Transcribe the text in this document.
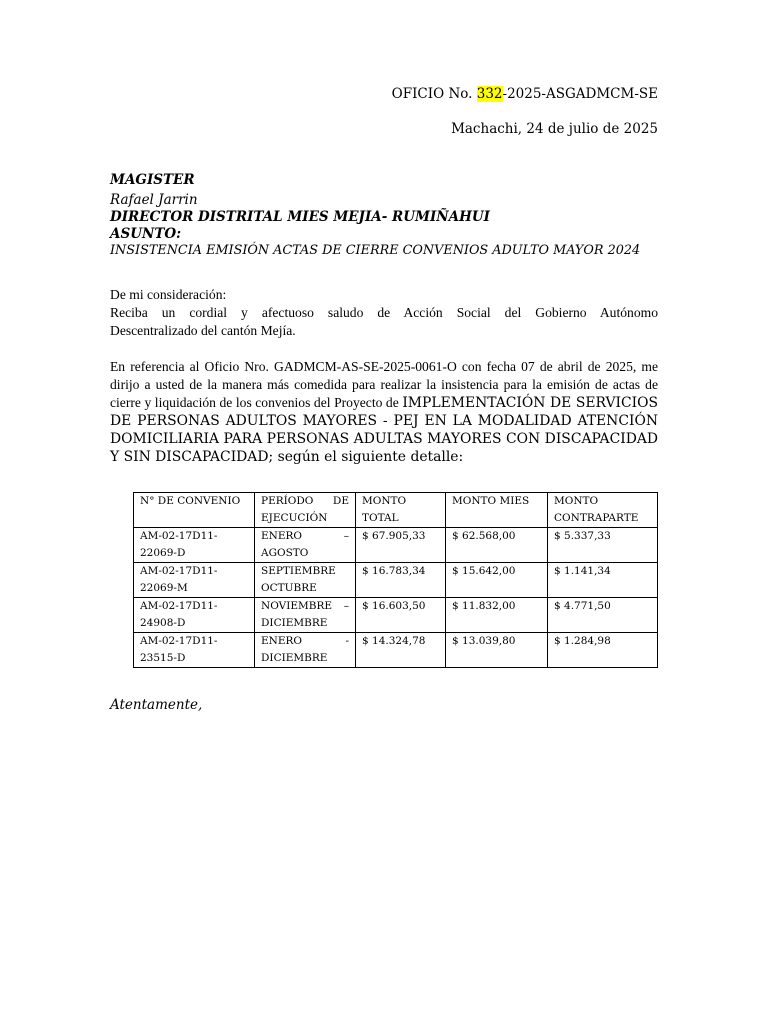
OFICIO No. 332-2025-ASGADMCM-SE
Machachi, 24 de julio de 2025
MAGISTER
Rafael Jarrin
DIRECTOR DISTRITAL MIES MEJIA- RUMIÑAHUI
ASUNTO:
INSISTENCIA EMISIÓN ACTAS DE CIERRE CONVENIOS ADULTO MAYOR 2024
De mi consideración:
Reciba un cordial y afectuoso saludo de Acción Social del Gobierno Autónomo
Descentralizado del cantón Mejía.
En referencia al Oficio Nro. GADMCM-AS-SE-2025-0061-O con fecha 07 de abril de 2025, me dirijo a usted de la manera más comedida para realizar la insistencia para la emisión de actas de cierre y liquidación de los convenios del Proyecto de IMPLEMENTACIÓN DE SERVICIOS DE PERSONAS ADULTOS MAYORES - PEJ EN LA MODALIDAD ATENCIÓN DOMICILIARIA PARA PERSONAS ADULTAS MAYORES CON DISCAPACIDAD Y SIN DISCAPACIDAD; según el siguiente detalle:
N° DE CONVENIO	PERÍODO DE EJECUCIÓN	MONTO TOTAL	MONTO MIES	MONTO CONTRAPARTE
AM-02-17D11-22069-D	ENERO – AGOSTO	$ 67.905,33	$ 62.568,00	$ 5.337,33
AM-02-17D11-22069-M	SEPTIEMBRE OCTUBRE	$ 16.783,34	$ 15.642,00	$ 1.141,34
AM-02-17D11-24908-D	NOVIEMBRE – DICIEMBRE	$ 16.603,50	$ 11.832,00	$ 4.771,50
AM-02-17D11-23515-D	ENERO - DICIEMBRE	$ 14.324,78	$ 13.039,80	$ 1.284,98
Atentamente,
